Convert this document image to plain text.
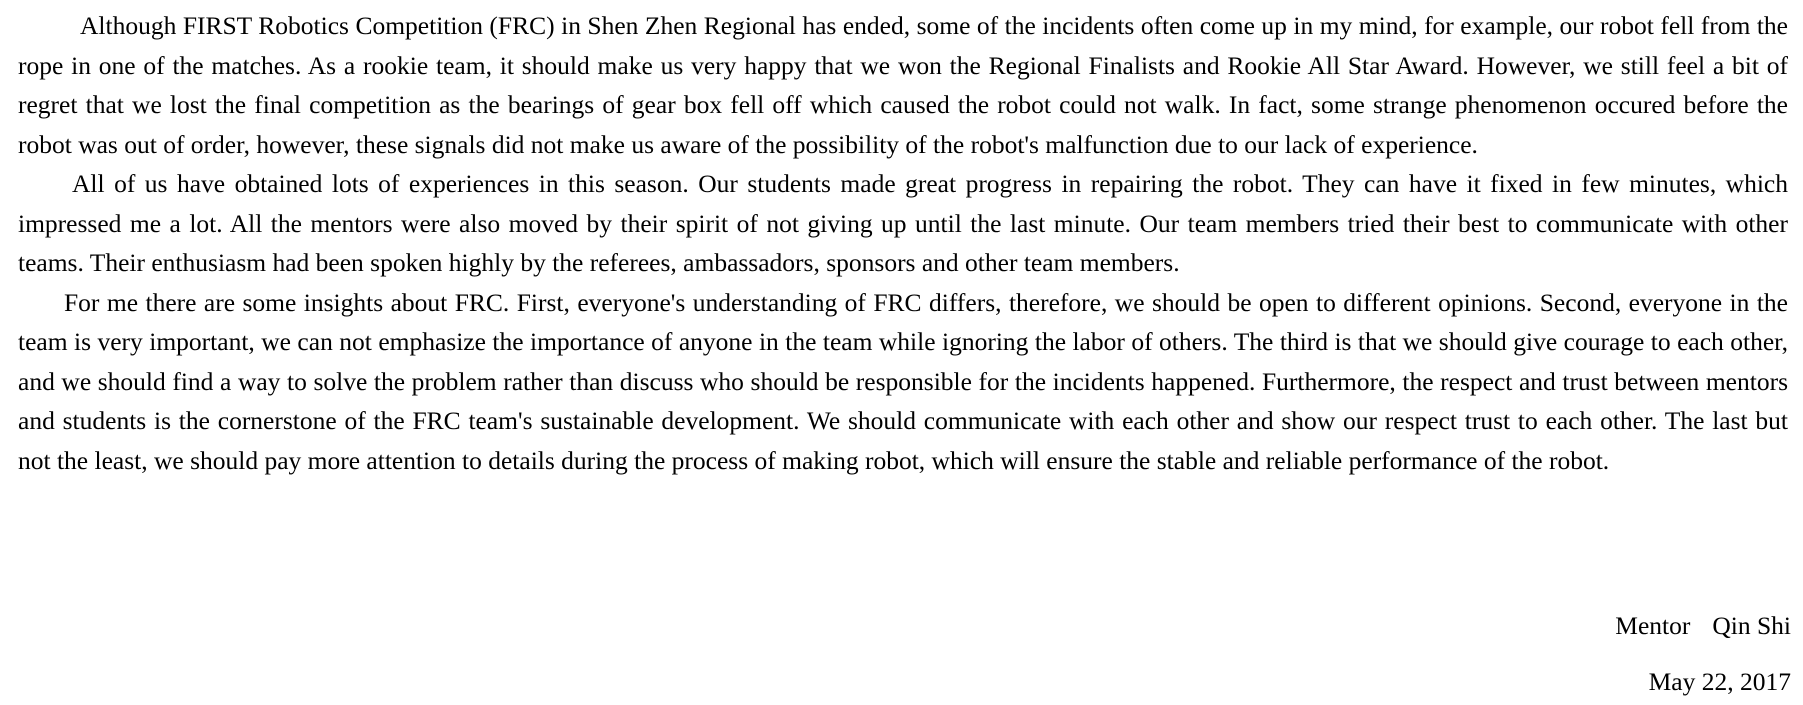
Although FIRST Robotics Competition (FRC) in Shen Zhen Regional has ended, some of the incidents often come up in my mind, for example, our robot fell from the rope in one of the matches. As a rookie team, it should make us very happy that we won the Regional Finalists and Rookie All Star Award. However, we still feel a bit of regret that we lost the final competition as the bearings of gear box fell off which caused the robot could not walk. In fact, some strange phenomenon occured before the robot was out of order, however, these signals did not make us aware of the possibility of the robot's malfunction due to our lack of experience.

All of us have obtained lots of experiences in this season. Our students made great progress in repairing the robot. They can have it fixed in few minutes, which impressed me a lot. All the mentors were also moved by their spirit of not giving up until the last minute. Our team members tried their best to communicate with other teams. Their enthusiasm had been spoken highly by the referees, ambassadors, sponsors and other team members.

For me there are some insights about FRC. First, everyone's understanding of FRC differs, therefore, we should be open to different opinions. Second, everyone in the team is very important, we can not emphasize the importance of anyone in the team while ignoring the labor of others. The third is that we should give courage to each other, and we should find a way to solve the problem rather than discuss who should be responsible for the incidents happened. Furthermore, the respect and trust between mentors and students is the cornerstone of the FRC team's sustainable development. We should communicate with each other and show our respect trust to each other. The last but not the least, we should pay more attention to details during the process of making robot, which will ensure the stable and reliable performance of the robot.

Mentor Qin Shi
May 22, 2017
